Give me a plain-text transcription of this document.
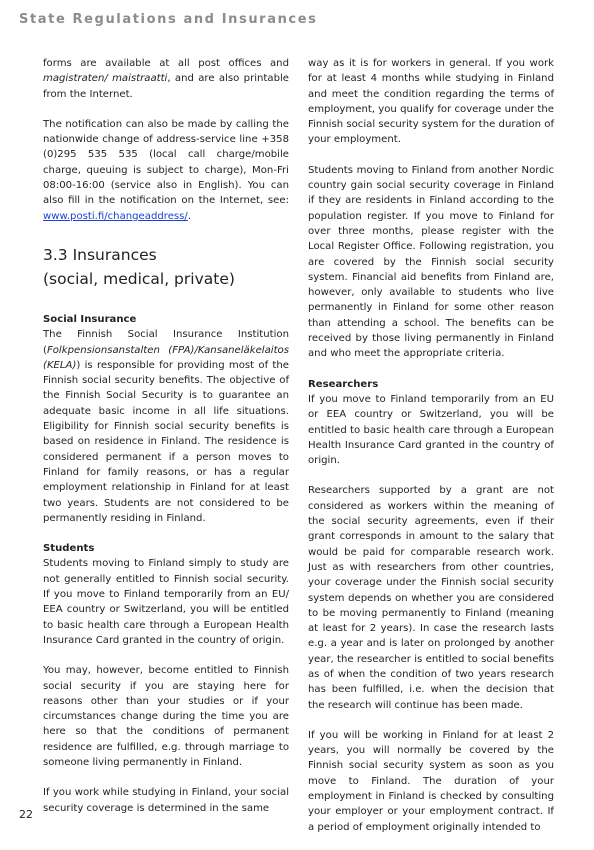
State Regulations and Insurances

forms are available at all post offices and magistraten/ maistraatti, and are also printable from the Internet.

The notification can also be made by calling the nationwide change of address-service line +358 (0)295 535 535 (local call charge/mobile charge, queuing is subject to charge), Mon-Fri 08:00-16:00 (service also in English). You can also fill in the notification on the Internet, see: www.posti.fi/changeaddress/.

3.3 Insurances
(social, medical, private)

Social Insurance
The Finnish Social Insurance Institution (Folkpensionsanstalten (FPA)/Kansaneläkelaitos (KELA)) is responsible for providing most of the Finnish social security benefits. The objective of the Finnish Social Security is to guarantee an adequate basic income in all life situations. Eligibility for Finnish social security benefits is based on residence in Finland. The residence is considered permanent if a person moves to Finland for family reasons, or has a regular employment relationship in Finland for at least two years. Students are not considered to be permanently residing in Finland.

Students
Students moving to Finland simply to study are not generally entitled to Finnish social security. If you move to Finland temporarily from an EU/ EEA country or Switzerland, you will be entitled to basic health care through a European Health Insurance Card granted in the country of origin.

You may, however, become entitled to Finnish social security if you are staying here for reasons other than your studies or if your circumstances change during the time you are here so that the conditions of permanent residence are fulfilled, e.g. through marriage to someone living permanently in Finland.

If you work while studying in Finland, your social security coverage is determined in the same

way as it is for workers in general. If you work for at least 4 months while studying in Finland and meet the condition regarding the terms of employment, you qualify for coverage under the Finnish social security system for the duration of your employment.

Students moving to Finland from another Nordic country gain social security coverage in Finland if they are residents in Finland according to the population register. If you move to Finland for over three months, please register with the Local Register Office. Following registration, you are covered by the Finnish social security system. Financial aid benefits from Finland are, however, only available to students who live permanently in Finland for some other reason than attending a school. The benefits can be received by those living permanently in Finland and who meet the appropriate criteria.

Researchers
If you move to Finland temporarily from an EU or EEA country or Switzerland, you will be entitled to basic health care through a European Health Insurance Card granted in the country of origin.

Researchers supported by a grant are not considered as workers within the meaning of the social security agreements, even if their grant corresponds in amount to the salary that would be paid for comparable research work. Just as with researchers from other countries, your coverage under the Finnish social security system depends on whether you are considered to be moving permanently to Finland (meaning at least for 2 years). In case the research lasts e.g. a year and is later on prolonged by another year, the researcher is entitled to social benefits as of when the condition of two years research has been fulfilled, i.e. when the decision that the research will continue has been made.

If you will be working in Finland for at least 2 years, you will normally be covered by the Finnish social security system as soon as you move to Finland. The duration of your employment in Finland is checked by consulting your employer or your employment contract. If a period of employment originally intended to

22
